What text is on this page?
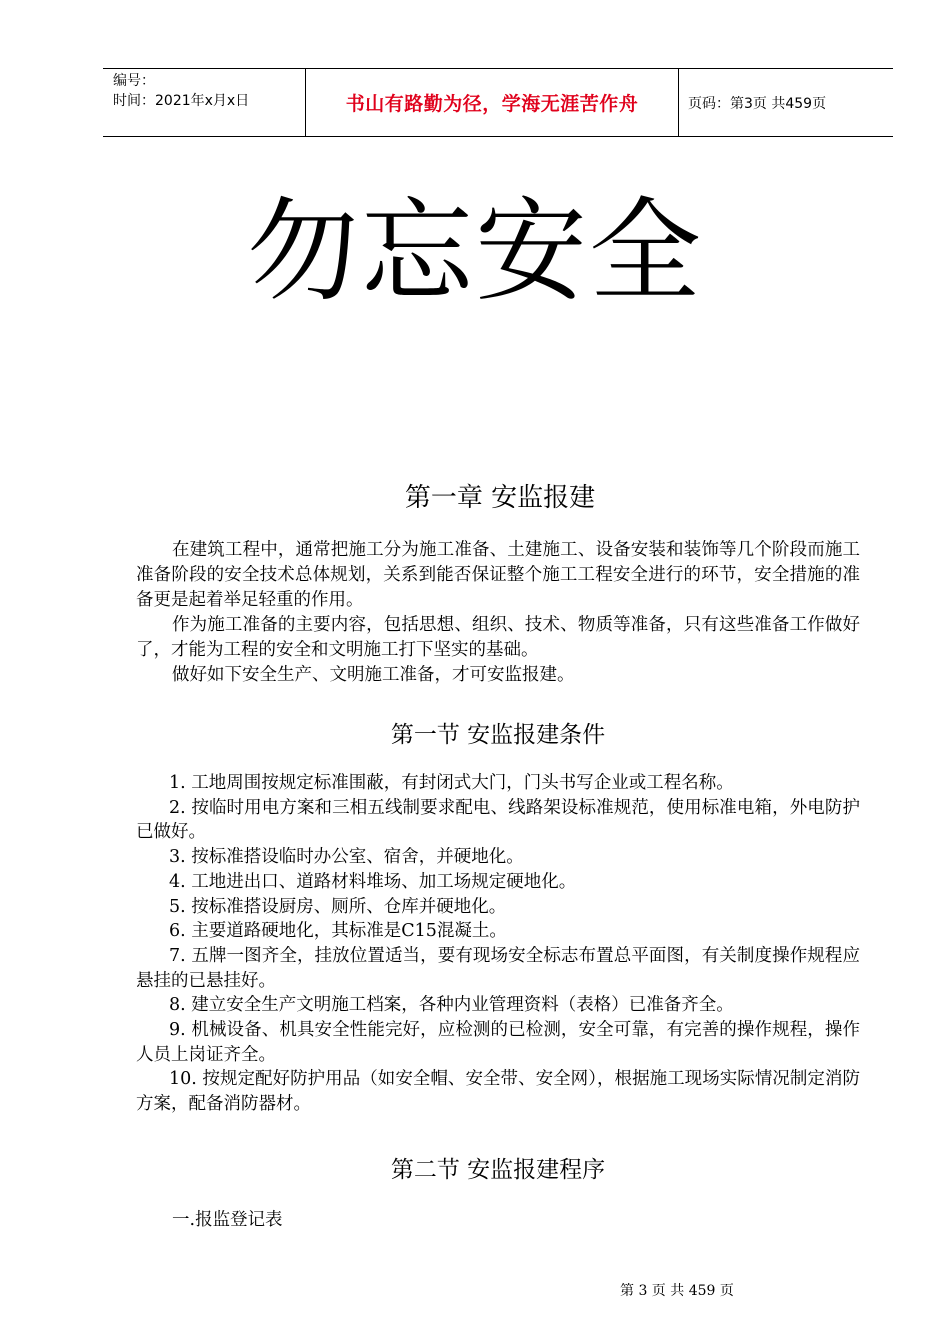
编号：
时间：2021年x月x日	书山有路勤为径，学海无涯苦作舟	页码：第3页 共459页
勿忘安全
第一章 安监报建

在建筑工程中，通常把施工分为施工准备、土建施工、设备安装和装饰等几个阶段而施工准备阶段的安全技术总体规划，关系到能否保证整个施工工程安全进行的环节，安全措施的准备更是起着举足轻重的作用。

作为施工准备的主要内容，包括思想、组织、技术、物质等准备，只有这些准备工作做好了，才能为工程的安全和文明施工打下坚实的基础。

做好如下安全生产、文明施工准备，才可安监报建。

第一节 安监报建条件

1. 工地周围按规定标准围蔽，有封闭式大门，门头书写企业或工程名称。

2. 按临时用电方案和三相五线制要求配电、线路架设标准规范，使用标准电箱，外电防护已做好。

3. 按标准搭设临时办公室、宿舍，并硬地化。

4. 工地进出口、道路材料堆场、加工场规定硬地化。

5. 按标准搭设厨房、厕所、仓库并硬地化。

6. 主要道路硬地化，其标准是C15混凝土。

7. 五牌一图齐全，挂放位置适当，要有现场安全标志布置总平面图，有关制度操作规程应悬挂的已悬挂好。

8. 建立安全生产文明施工档案，各种内业管理资料（表格）已准备齐全。

9. 机械设备、机具安全性能完好，应检测的已检测，安全可靠，有完善的操作规程，操作人员上岗证齐全。

10. 按规定配好防护用品（如安全帽、安全带、安全网），根据施工现场实际情况制定消防方案，配备消防器材。

第二节 安监报建程序
一.报监登记表
第 3 页 共 459 页
